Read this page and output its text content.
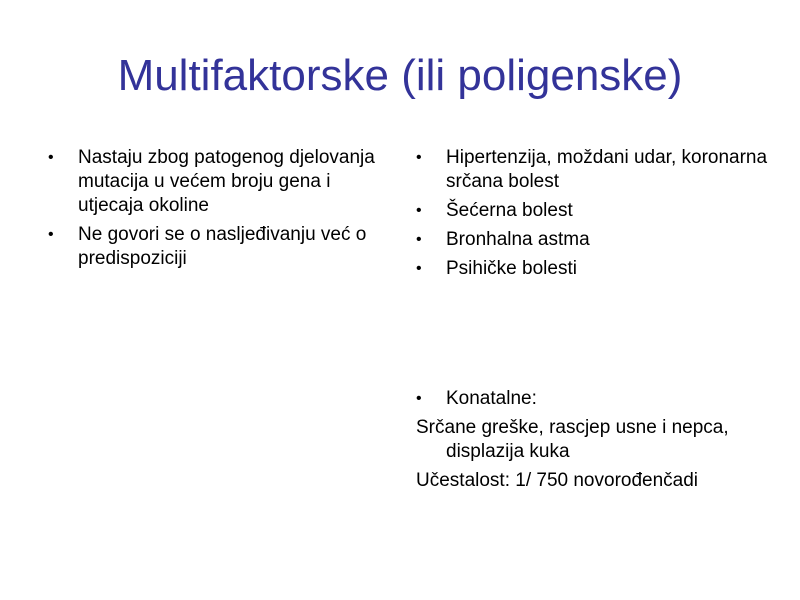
Multifaktorske (ili poligenske)
•	Nastaju zbog patogenog djelovanja mutacija u većem broju gena i utjecaja okoline
•	Ne govori se o nasljeđivanju već o predispoziciji
•	Hipertenzija, moždani udar, koronarna srčana bolest
•	Šećerna bolest
•	Bronhalna astma
•	Psihičke bolesti
•	Konatalne:
Srčane greške, rascjep usne i nepca, displazija kuka
Učestalost: 1/ 750 novorođenčadi
